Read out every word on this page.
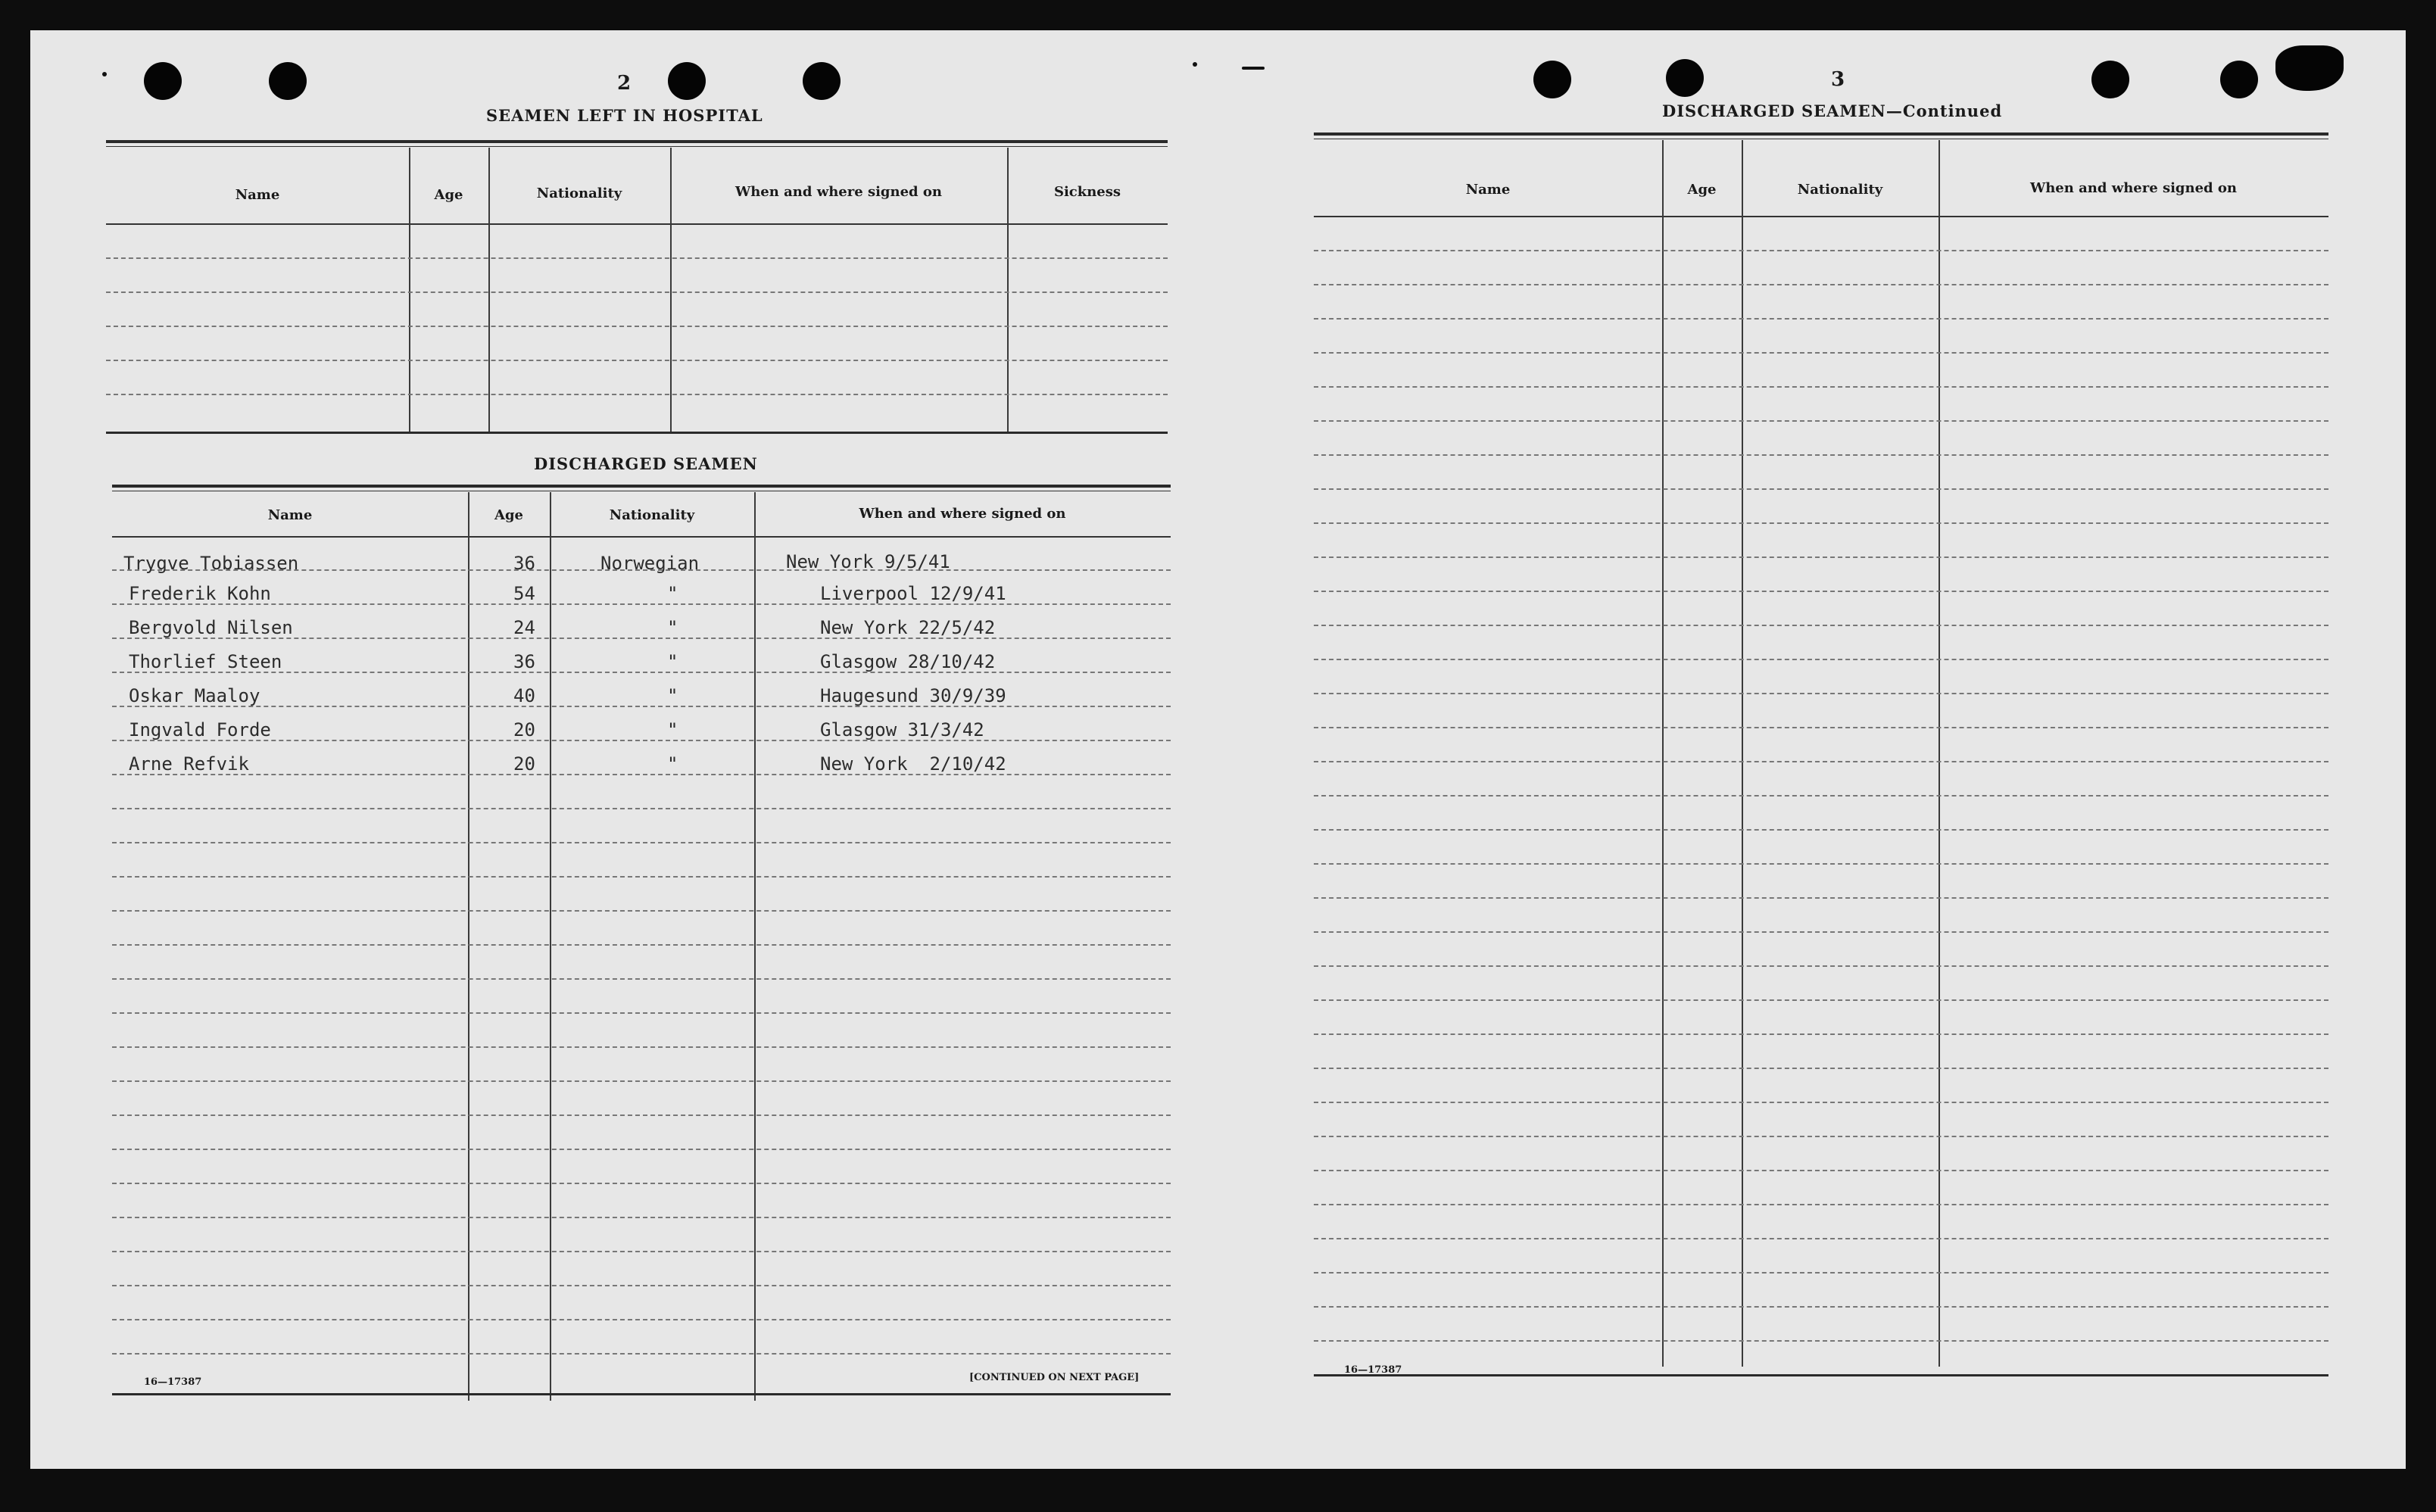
2
SEAMEN LEFT IN HOSPITAL
Name	Age	Nationality	When and where signed on	Sickness
DISCHARGED SEAMEN
Name	Age	Nationality	When and where signed on
Trygve Tobiassen	36	Norwegian	New York 9/5/41
Frederik Kohn	54	"	Liverpool 12/9/41
Bergvold Nilsen	24	"	New York 22/5/42
Thorlief Steen	36	"	Glasgow 28/10/42
Oskar Maaloy	40	"	Haugesund 30/9/39
Ingvald Forde	20	"	Glasgow 31/3/42
Arne Refvik	20	"	New York  2/10/42
16—17387	[CONTINUED ON NEXT PAGE]
3
DISCHARGED SEAMEN—Continued
Name	Age	Nationality	When and where signed on
16—17387
